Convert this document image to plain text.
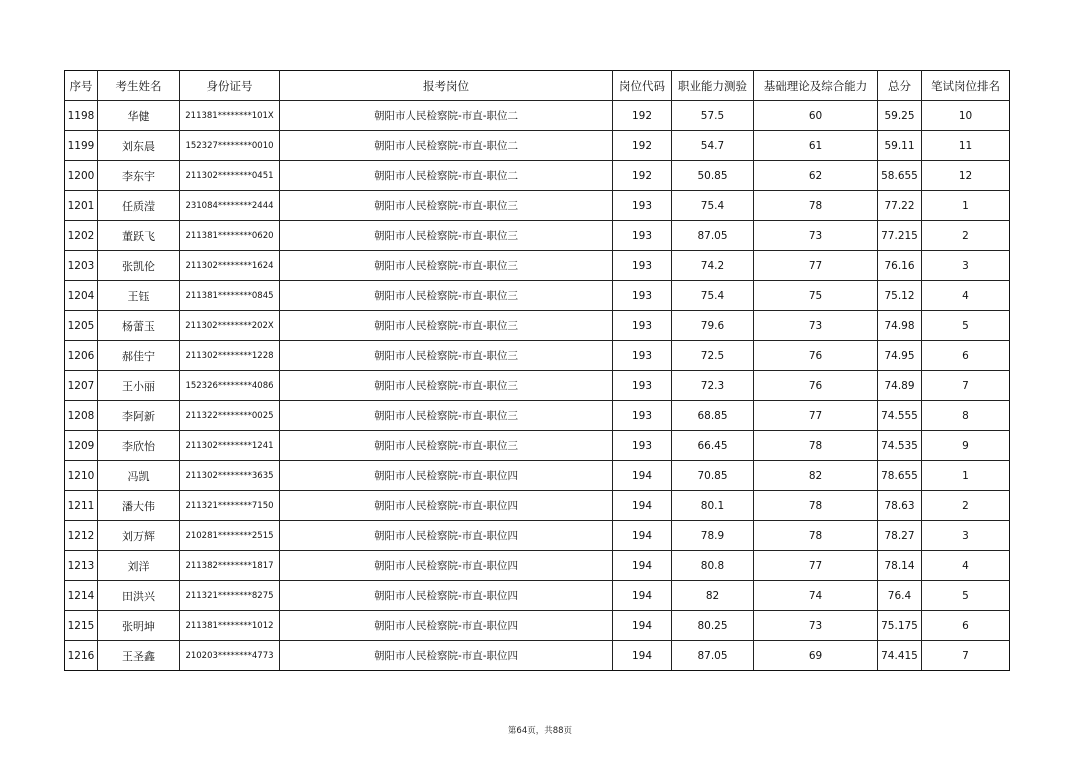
序号	考生姓名	身份证号	报考岗位	岗位代码	职业能力测验	基础理论及综合能力	总分	笔试岗位排名
1198	华健	211381********101X	朝阳市人民检察院-市直-职位二	192	57.5	60	59.25	10
1199	刘东晨	152327********0010	朝阳市人民检察院-市直-职位二	192	54.7	61	59.11	11
1200	李东宇	211302********0451	朝阳市人民检察院-市直-职位二	192	50.85	62	58.655	12
1201	任质滢	231084********2444	朝阳市人民检察院-市直-职位三	193	75.4	78	77.22	1
1202	董跃飞	211381********0620	朝阳市人民检察院-市直-职位三	193	87.05	73	77.215	2
1203	张凯伦	211302********1624	朝阳市人民检察院-市直-职位三	193	74.2	77	76.16	3
1204	王钰	211381********0845	朝阳市人民检察院-市直-职位三	193	75.4	75	75.12	4
1205	杨蕾玉	211302********202X	朝阳市人民检察院-市直-职位三	193	79.6	73	74.98	5
1206	郝佳宁	211302********1228	朝阳市人民检察院-市直-职位三	193	72.5	76	74.95	6
1207	王小丽	152326********4086	朝阳市人民检察院-市直-职位三	193	72.3	76	74.89	7
1208	李阿新	211322********0025	朝阳市人民检察院-市直-职位三	193	68.85	77	74.555	8
1209	李欣怡	211302********1241	朝阳市人民检察院-市直-职位三	193	66.45	78	74.535	9
1210	冯凯	211302********3635	朝阳市人民检察院-市直-职位四	194	70.85	82	78.655	1
1211	潘大伟	211321********7150	朝阳市人民检察院-市直-职位四	194	80.1	78	78.63	2
1212	刘万辉	210281********2515	朝阳市人民检察院-市直-职位四	194	78.9	78	78.27	3
1213	刘洋	211382********1817	朝阳市人民检察院-市直-职位四	194	80.8	77	78.14	4
1214	田洪兴	211321********8275	朝阳市人民检察院-市直-职位四	194	82	74	76.4	5
1215	张明坤	211381********1012	朝阳市人民检察院-市直-职位四	194	80.25	73	75.175	6
1216	王圣鑫	210203********4773	朝阳市人民检察院-市直-职位四	194	87.05	69	74.415	7
第64页，共88页
